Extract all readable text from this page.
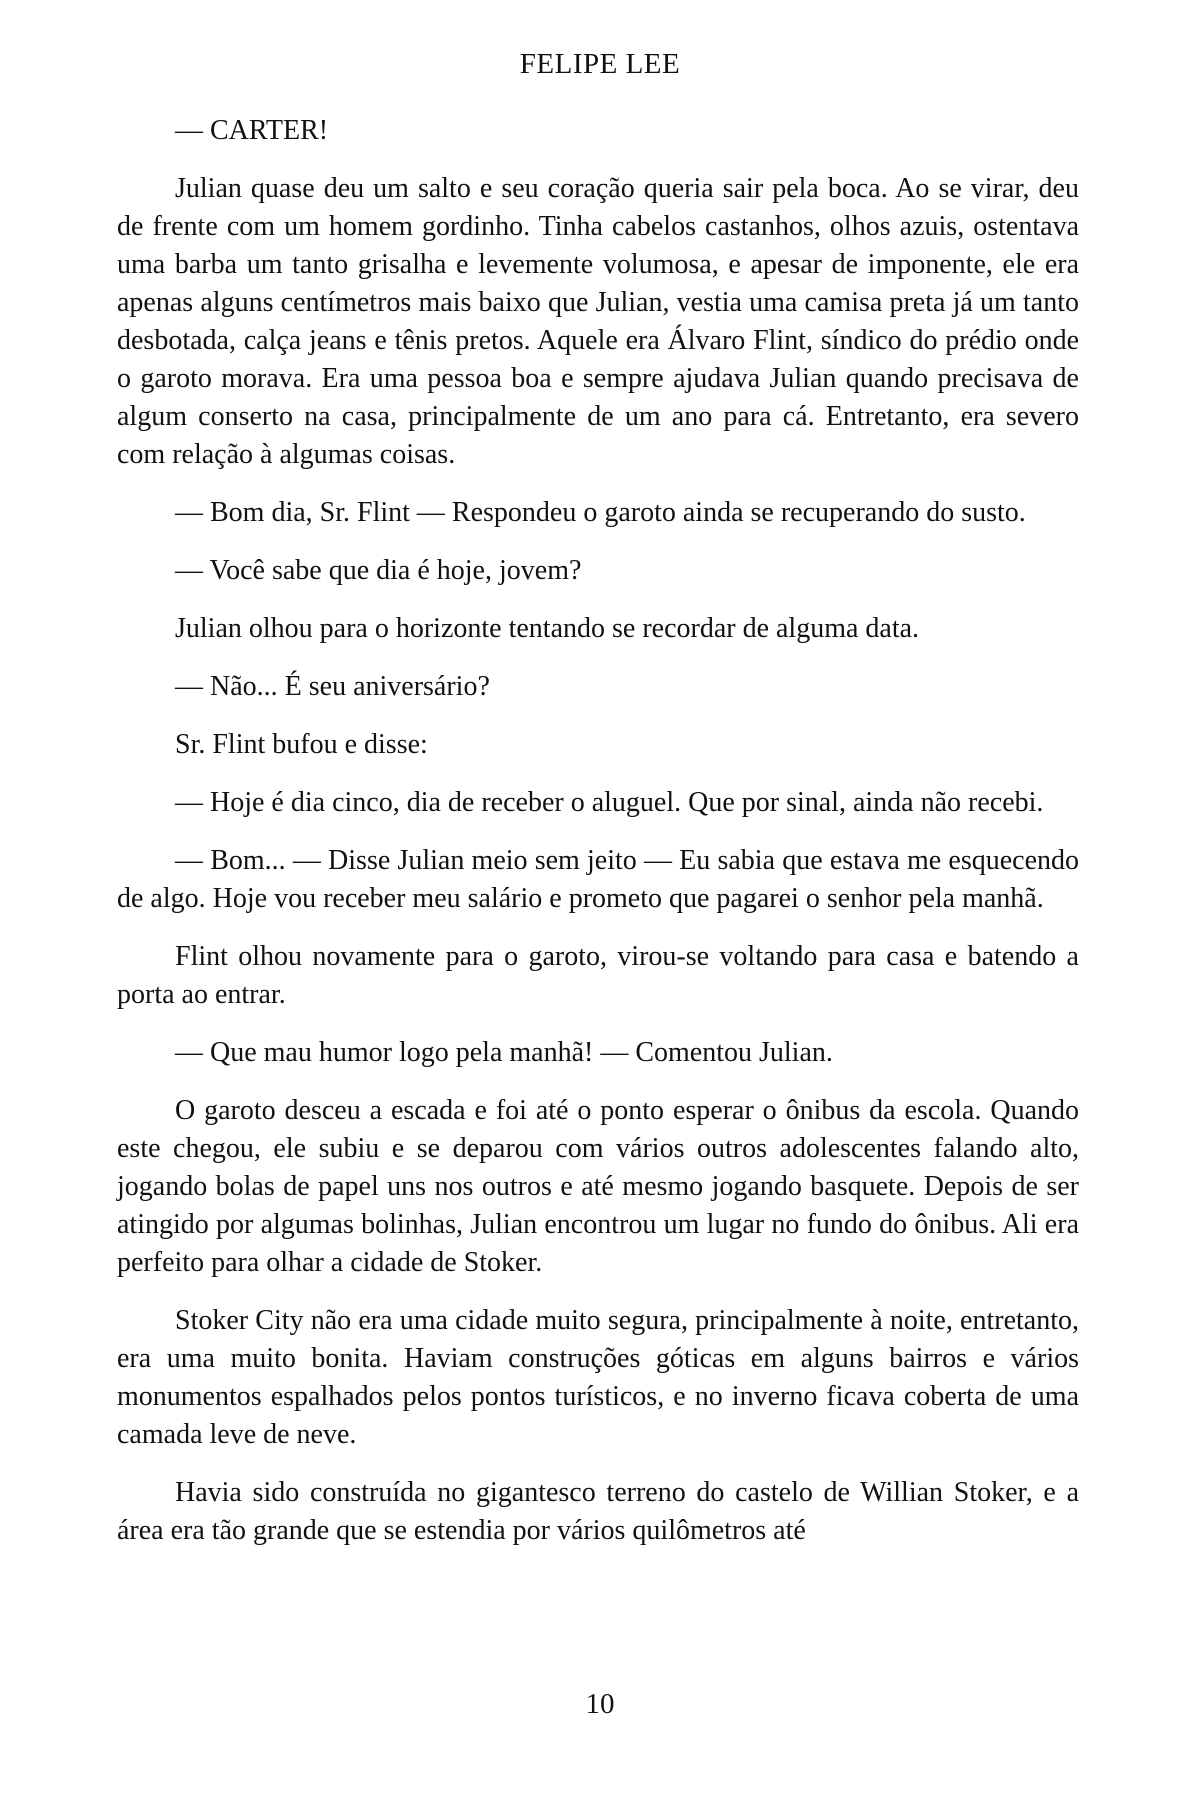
FELIPE LEE

— CARTER!

Julian quase deu um salto e seu coração queria sair pela boca. Ao se virar, deu de frente com um homem gordinho. Tinha cabelos castanhos, olhos azuis, ostentava uma barba um tanto grisalha e levemente volumosa, e apesar de imponente, ele era apenas alguns centímetros mais baixo que Julian, vestia uma camisa preta já um tanto desbotada, calça jeans e tênis pretos. Aquele era Álvaro Flint, síndico do prédio onde o garoto morava. Era uma pessoa boa e sempre ajudava Julian quando precisava de algum conserto na casa, principalmente de um ano para cá. Entretanto, era severo com relação à algumas coisas.

— Bom dia, Sr. Flint — Respondeu o garoto ainda se recuperando do susto.

— Você sabe que dia é hoje, jovem?

Julian olhou para o horizonte tentando se recordar de alguma data.

— Não... É seu aniversário?

Sr. Flint bufou e disse:

— Hoje é dia cinco, dia de receber o aluguel. Que por sinal, ainda não recebi.

— Bom... — Disse Julian meio sem jeito — Eu sabia que estava me esquecendo de algo. Hoje vou receber meu salário e prometo que pagarei o senhor pela manhã.

Flint olhou novamente para o garoto, virou-se voltando para casa e batendo a porta ao entrar.

— Que mau humor logo pela manhã! — Comentou Julian.

O garoto desceu a escada e foi até o ponto esperar o ônibus da escola. Quando este chegou, ele subiu e se deparou com vários outros adolescentes falando alto, jogando bolas de papel uns nos outros e até mesmo jogando basquete. Depois de ser atingido por algumas bolinhas, Julian encontrou um lugar no fundo do ônibus. Ali era perfeito para olhar a cidade de Stoker.

Stoker City não era uma cidade muito segura, principalmente à noite, entretanto, era uma muito bonita. Haviam construções góticas em alguns bairros e vários monumentos espalhados pelos pontos turísticos, e no inverno ficava coberta de uma camada leve de neve.

Havia sido construída no gigantesco terreno do castelo de Willian Stoker, e a área era tão grande que se estendia por vários quilômetros até

10
